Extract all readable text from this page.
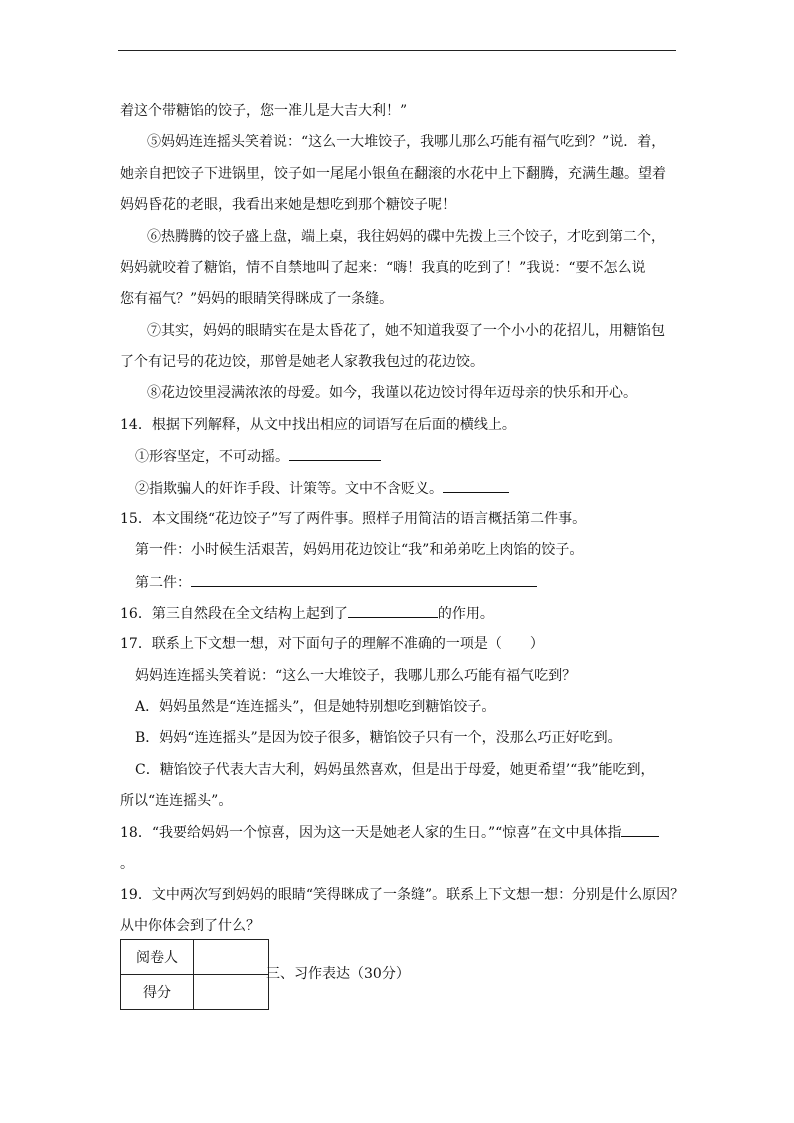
着这个带糖馅的饺子，您一准儿是大吉大利！”
⑤妈妈连连摇头笑着说：“这么一大堆饺子，我哪儿那么巧能有福气吃到？”说．着，
她亲自把饺子下进锅里，饺子如一尾尾小银鱼在翻滚的水花中上下翻腾，充满生趣。望着
妈妈昏花的老眼，我看出来她是想吃到那个糖饺子呢！
⑥热腾腾的饺子盛上盘，端上桌，我往妈妈的碟中先拨上三个饺子，才吃到第二个，
妈妈就咬着了糖馅，情不自禁地叫了起来：“嗨！我真的吃到了！”我说：“要不怎么说
您有福气？”妈妈的眼睛笑得眯成了一条缝。
⑦其实，妈妈的眼睛实在是太昏花了，她不知道我耍了一个小小的花招儿，用糖馅包
了个有记号的花边饺，那曾是她老人家教我包过的花边饺。
⑧花边饺里浸满浓浓的母爱。如今，我谨以花边饺讨得年迈母亲的快乐和开心。
14．根据下列解释，从文中找出相应的词语写在后面的横线上。
①形容坚定，不可动摇。
②指欺骗人的奸诈手段、计策等。文中不含贬义。
15．本文围绕“花边饺子”写了两件事。照样子用简洁的语言概括第二件事。
第一件：小时候生活艰苦，妈妈用花边饺让“我”和弟弟吃上肉馅的饺子。
第二件：
16．第三自然段在全文结构上起到了	的作用。
17．联系上下文想一想，对下面句子的理解不准确的一项是（　　）
妈妈连连摇头笑着说：“这么一大堆饺子，我哪儿那么巧能有福气吃到？
A．妈妈虽然是“连连摇头”，但是她特别想吃到糖馅饺子。
B．妈妈“连连摇头”是因为饺子很多，糖馅饺子只有一个，没那么巧正好吃到。
C．糖馅饺子代表大吉大利，妈妈虽然喜欢，但是出于母爱，她更希望’“我”能吃到，
所以“连连摇头”。
18．“我要给妈妈一个惊喜，因为这一天是她老人家的生日。”“惊喜”在文中具体指
。
19．文中两次写到妈妈的眼睛“笑得眯成了一条缝”。联系上下文想一想：分别是什么原因？
从中你体会到了什么？
阅卷人	
得分	
三、习作表达（30分）
